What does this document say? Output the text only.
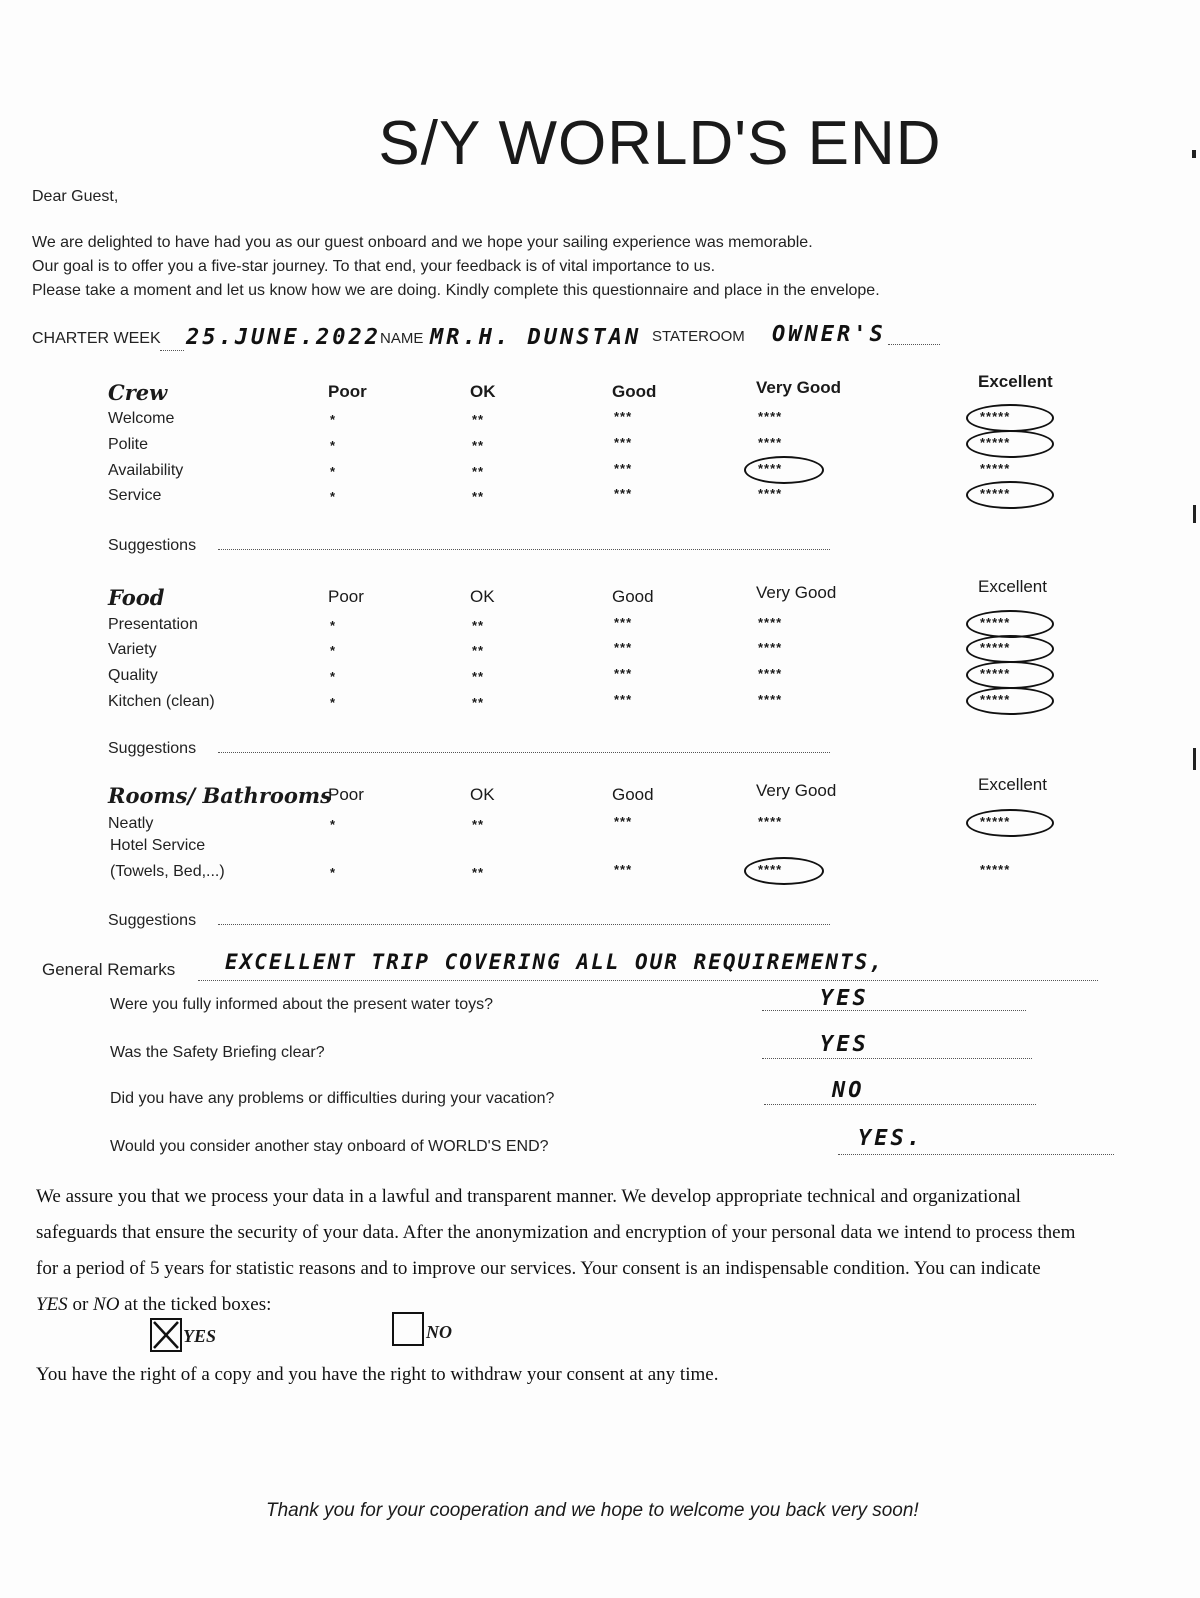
S/Y WORLD'S END
Dear Guest,
We are delighted to have had you as our guest onboard and we hope your sailing experience was memorable.
Our goal is to offer you a five-star journey. To that end, your feedback is of vital importance to us.
Please take a moment and let us know how we are doing. Kindly complete this questionnaire and place in the envelope.
CHARTER WEEK 25.JUNE.2022 NAME MR.H. DUNSTAN STATEROOM OWNER'S
Crew	Poor	OK	Good	Very Good	Excellent
Welcome	*	**	***	****	*****
Polite	*	**	***	****	*****
Availability	*	**	***	****	*****
Service	*	**	***	****	*****
Suggestions
Food	Poor	OK	Good	Very Good	Excellent
Presentation	*	**	***	****	*****
Variety	*	**	***	****	*****
Quality	*	**	***	****	*****
Kitchen (clean)	*	**	***	****	*****
Suggestions
Rooms/ Bathrooms
Poor	OK	Good	Very Good	Excellent
Neatly	*	**	***	****	*****
Hotel Service
(Towels, Bed,...)	*	**	***	****	*****
Suggestions
General Remarks EXCELLENT TRIP COVERING ALL OUR REQUIREMENTS,
Were you fully informed about the present water toys?	YES
Was the Safety Briefing clear?	YES
Did you have any problems or difficulties during your vacation?	NO
Would you consider another stay onboard of WORLD'S END?	YES.
We assure you that we process your data in a lawful and transparent manner. We develop appropriate technical and organizational
safeguards that ensure the security of your data. After the anonymization and encryption of your personal data we intend to process them
for a period of 5 years for statistic reasons and to improve our services. Your consent is an indispensable condition. You can indicate
YES or NO at the ticked boxes:
YES	NO
You have the right of a copy and you have the right to withdraw your consent at any time.
Thank you for your cooperation and we hope to welcome you back very soon!
